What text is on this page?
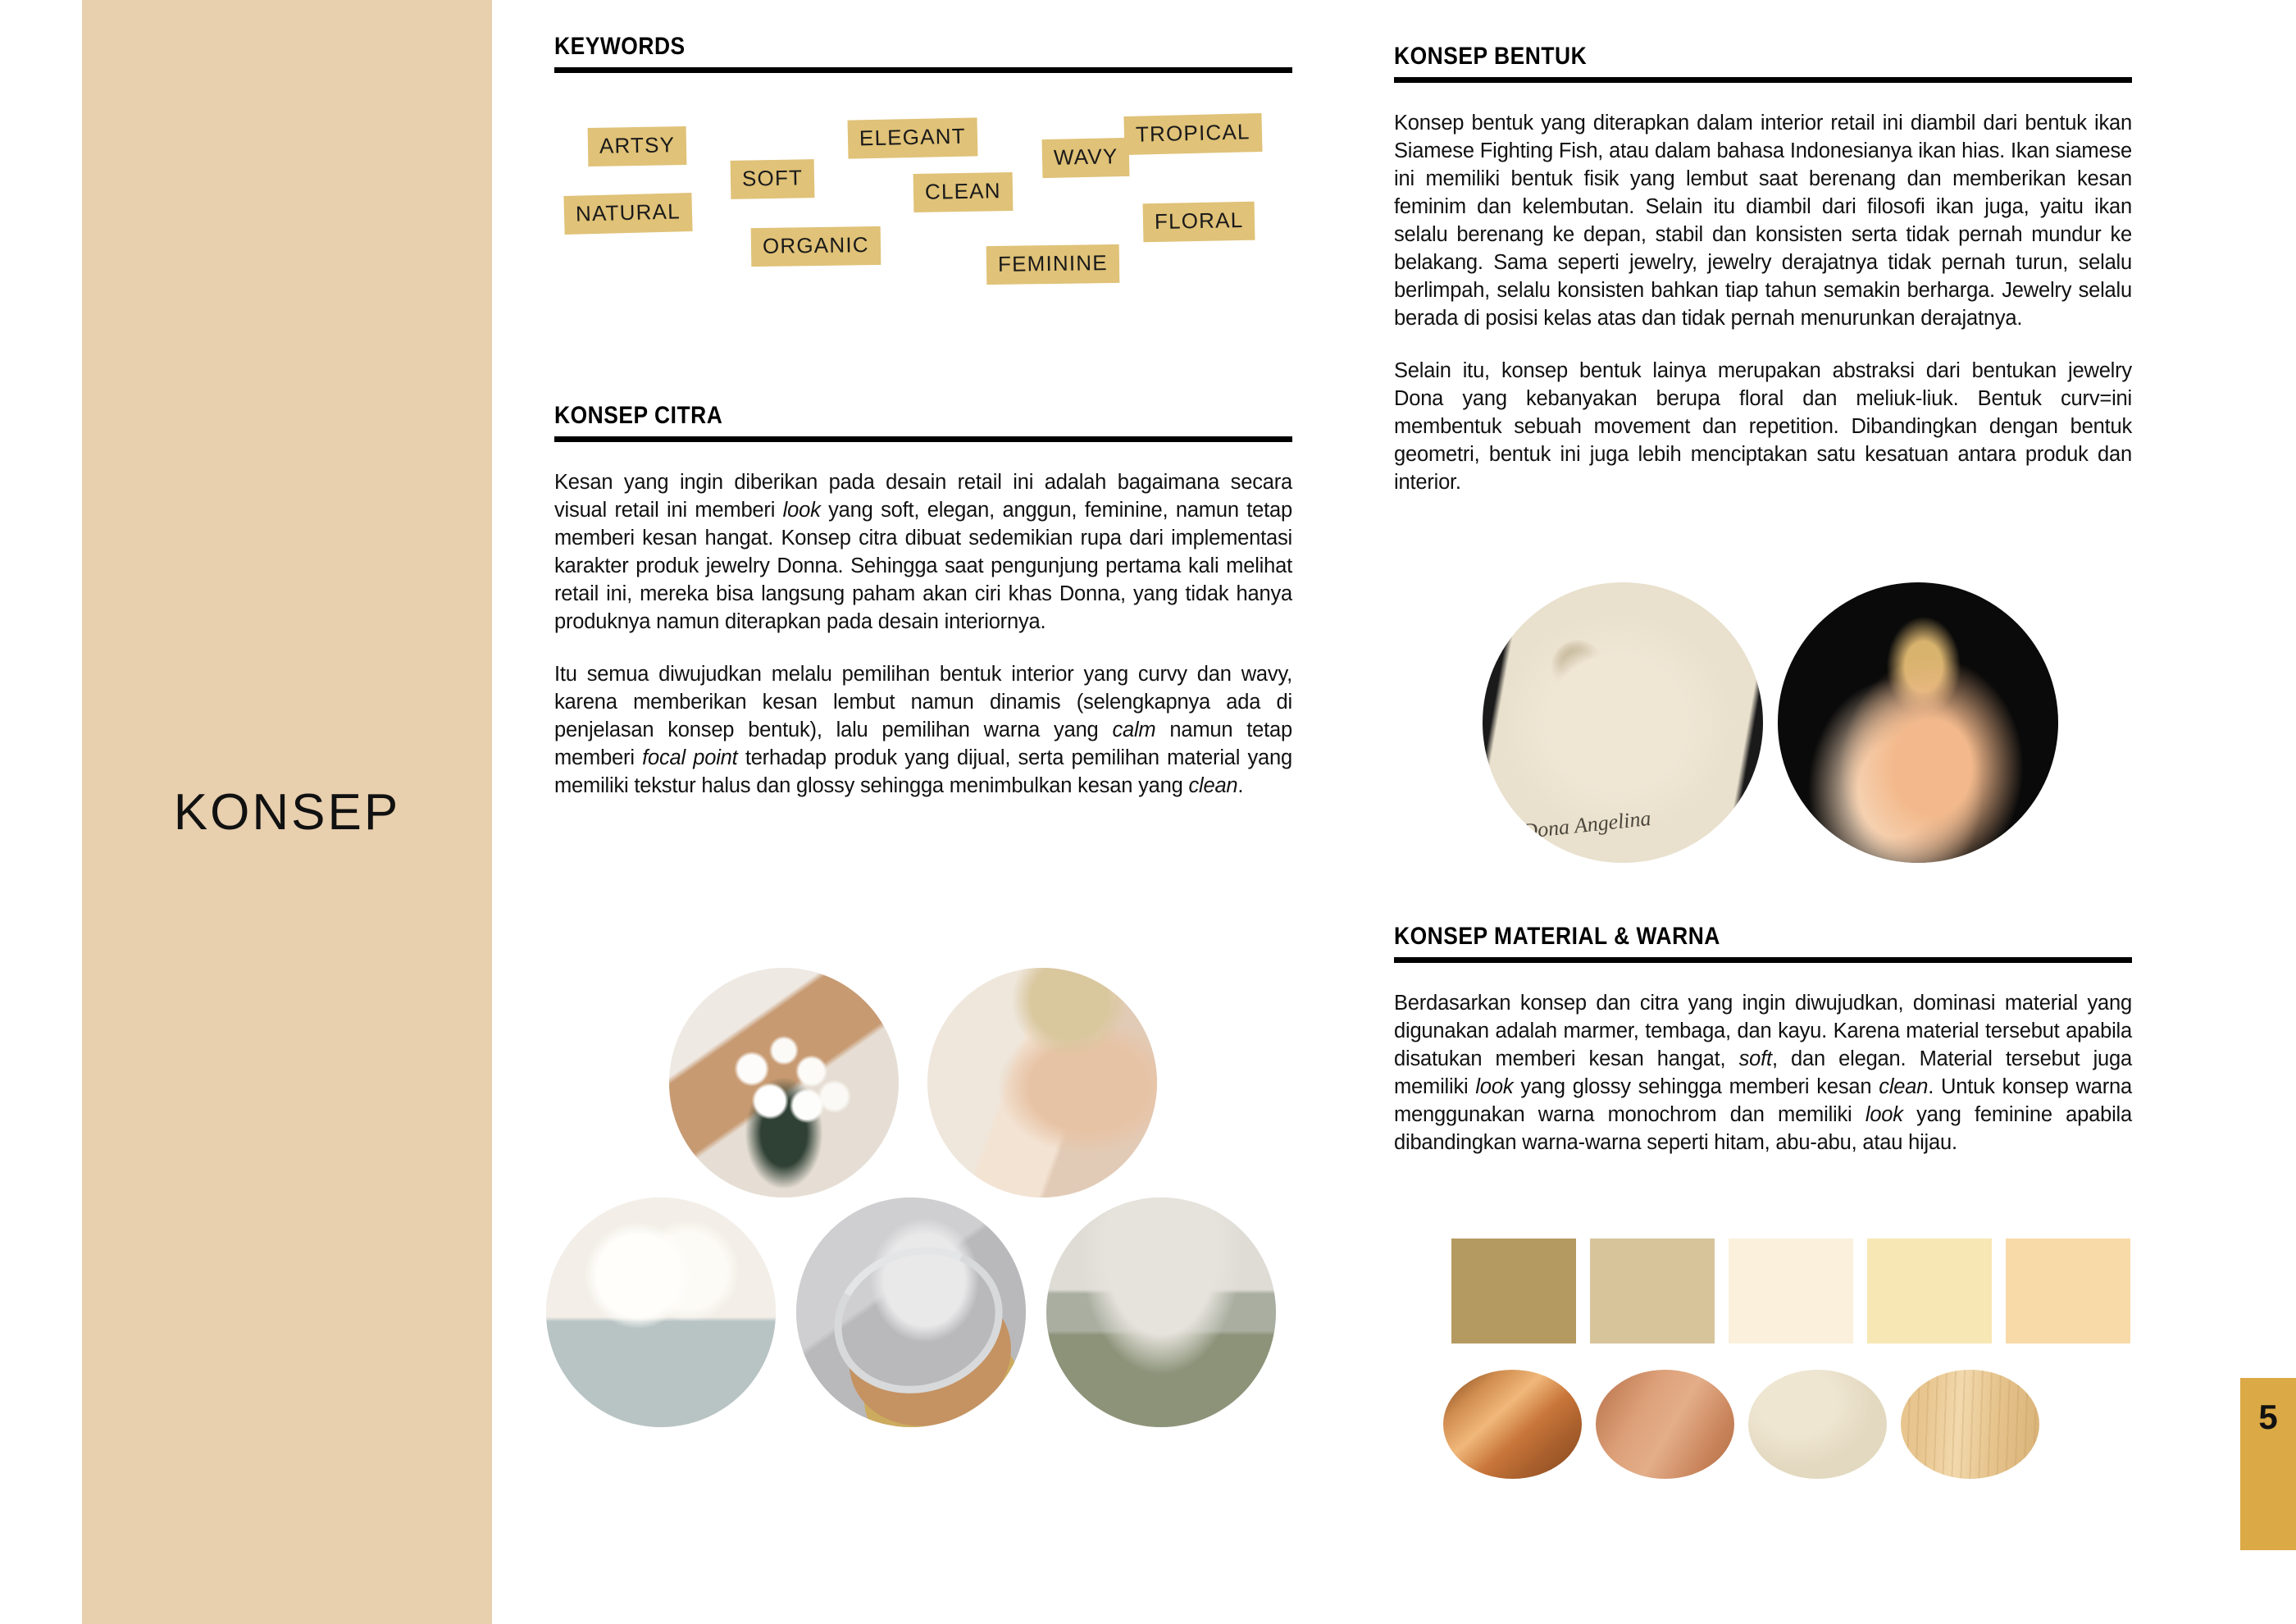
KONSEP
KEYWORDS
ARTSY
NATURAL
SOFT
ORGANIC
ELEGANT
CLEAN
FEMININE
WAVY
TROPICAL
FLORAL
KONSEP CITRA

Kesan yang ingin diberikan pada desain retail ini adalah bagaimana secara visual retail ini memberi look yang soft, elegan, anggun, feminine, namun tetap memberi kesan hangat. Konsep citra dibuat sedemikian rupa dari implementasi karakter produk jewelry Donna. Sehingga saat pengunjung pertama kali melihat retail ini, mereka bisa langsung paham akan ciri khas Donna, yang tidak hanya produknya namun diterapkan pada desain interiornya.

Itu semua diwujudkan melalu pemilihan bentuk interior yang curvy dan wavy, karena memberikan kesan lembut namun dinamis (selengkapnya ada di penjelasan konsep bentuk), lalu pemilihan warna yang calm namun tetap memberi focal point terhadap produk yang dijual, serta pemilihan material yang memiliki tekstur halus dan glossy sehingga menimbulkan kesan yang clean.

KONSEP BENTUK

Konsep bentuk yang diterapkan dalam interior retail ini diambil dari bentuk ikan Siamese Fighting Fish, atau dalam bahasa Indonesianya ikan hias. Ikan siamese ini memiliki bentuk fisik yang lembut saat berenang dan memberikan kesan feminim dan kelembutan. Selain itu diambil dari filosofi ikan juga, yaitu ikan selalu berenang ke depan, stabil dan konsisten serta tidak pernah mundur ke belakang. Sama seperti jewelry, jewelry derajatnya tidak pernah turun, selalu berlimpah, selalu konsisten bahkan tiap tahun semakin berharga. Jewelry selalu berada di posisi kelas atas dan tidak pernah menurunkan derajatnya.

Selain itu, konsep bentuk lainya merupakan abstraksi dari bentukan jewelry Dona yang kebanyakan berupa floral dan meliuk-liuk. Bentuk curv=ini membentuk sebuah movement dan repetition. Dibandingkan dengan bentuk geometri, bentuk ini juga lebih menciptakan satu kesatuan antara produk dan interior.

Dona Angelina
KONSEP MATERIAL & WARNA

Berdasarkan konsep dan citra yang ingin diwujudkan, dominasi material yang digunakan adalah marmer, tembaga, dan kayu. Karena material tersebut apabila disatukan memberi kesan hangat, soft, dan elegan. Material tersebut juga memiliki look yang glossy sehingga memberi kesan clean. Untuk konsep warna menggunakan warna monochrom dan memiliki look yang feminine apabila dibandingkan warna-warna seperti hitam, abu-abu, atau hijau.

5
